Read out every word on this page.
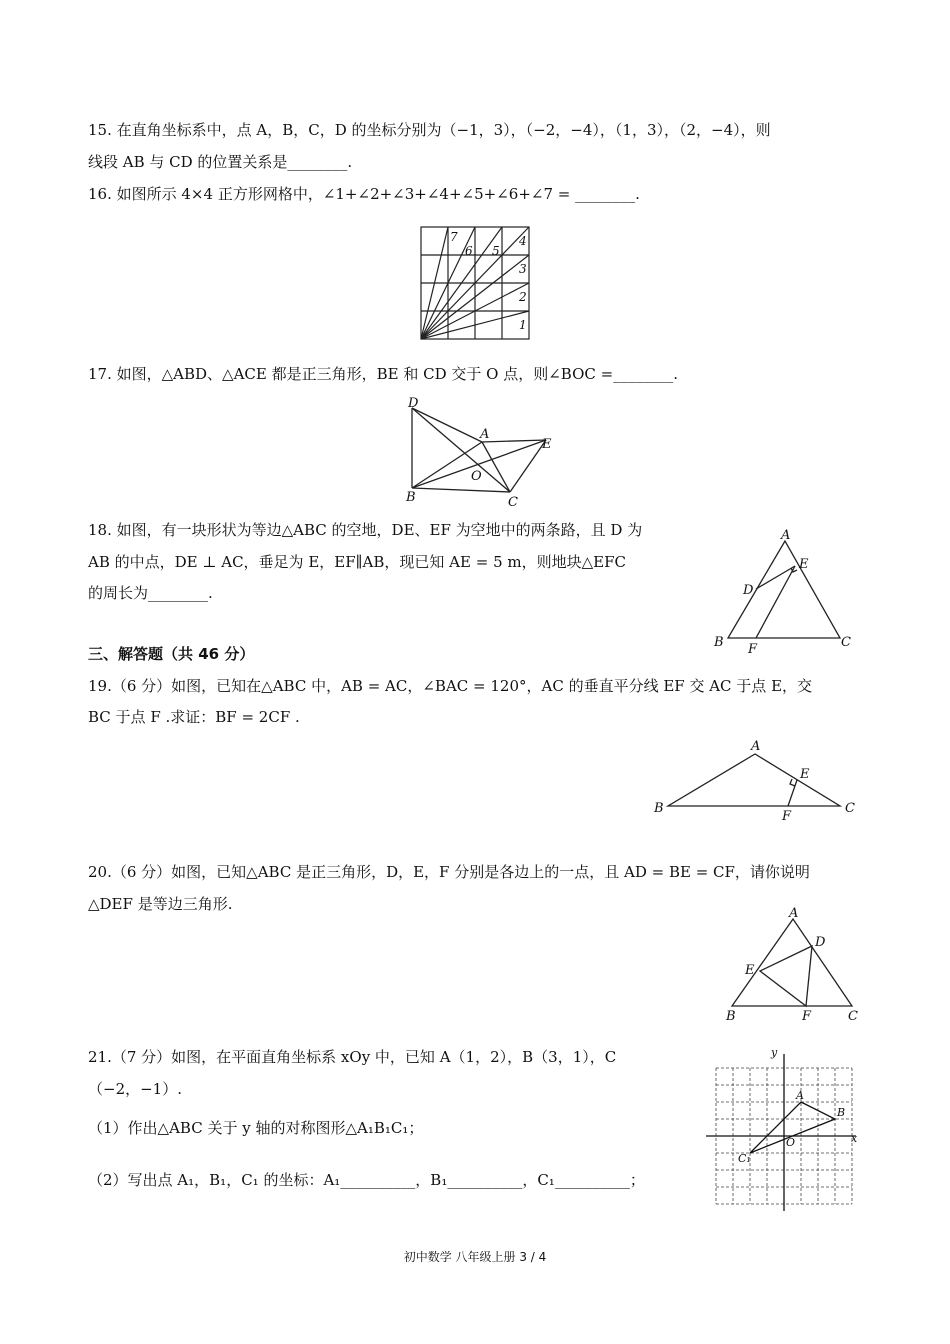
15. 在直角坐标系中，点 A，B，C，D 的坐标分别为（−1，3），（−2，−4），（1，3），（2，−4），则
线段 AB 与 CD 的位置关系是________.
16. 如图所示 4×4 正方形网格中，∠1+∠2+∠3+∠4+∠5+∠6+∠7 = ________.
1
2
3
4
5
6
7
17. 如图，△ABD、△ACE 都是正三角形，BE 和 CD 交于 O 点，则∠BOC =________.
D
A
E
O
B	C
18. 如图，有一块形状为等边△ABC 的空地，DE、EF 为空地中的两条路，且 D 为
AB 的中点，DE ⊥ AC，垂足为 E，EF∥AB，现已知 AE = 5 m，则地块△EFC
的周长为________.
A
E
D
B F	C
三、解答题（共 46 分）
19.（6 分）如图，已知在△ABC 中，AB = AC，∠BAC = 120°，AC 的垂直平分线 EF 交 AC 于点 E，交
BC 于点 F .求证：BF = 2CF .
A
E
B
F
C
20.（6 分）如图，已知△ABC 是正三角形，D，E，F 分别是各边上的一点，且 AD = BE = CF，请你说明
△DEF 是等边三角形.
A
D
E
B	F	C
21.（7 分）如图，在平面直角坐标系 xOy 中，已知 A（1，2），B（3，1），C
（−2，−1）.
（1）作出△ABC 关于 y 轴的对称图形△A₁B₁C₁；
（2）写出点 A₁，B₁，C₁ 的坐标：A₁__________，B₁__________，C₁__________；
y
x
O
A
B
C₁
初中数学 八年级上册 3 / 4
